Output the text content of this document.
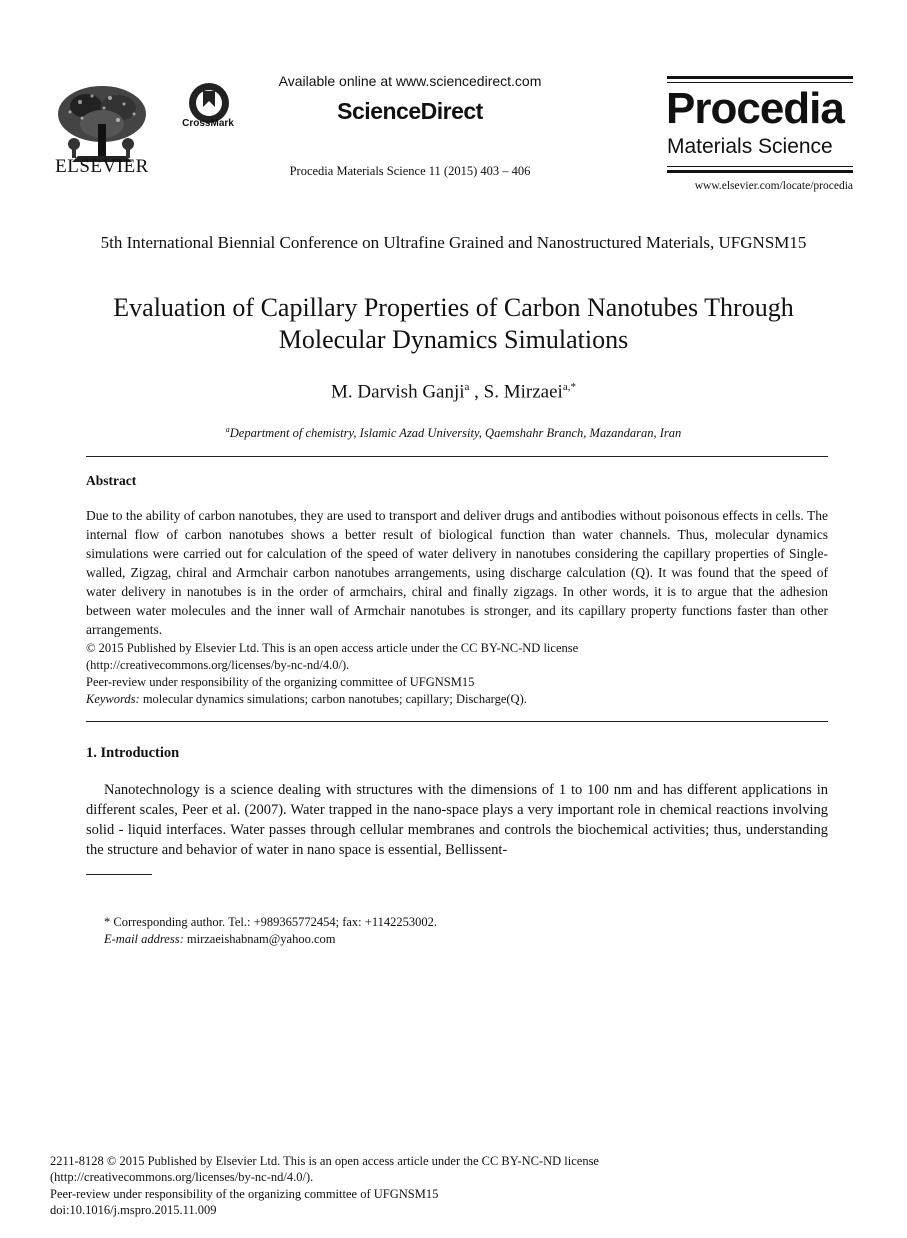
ELSEVIER
CrossMark
Available online at www.sciencedirect.com
ScienceDirect
Procedia Materials Science 11 (2015) 403 – 406
Procedia
Materials Science
www.elsevier.com/locate/procedia
5th International Biennial Conference on Ultrafine Grained and Nanostructured Materials, UFGNSM15
Evaluation of Capillary Properties of Carbon Nanotubes Through
Molecular Dynamics Simulations
M. Darvish Ganji$^a$ , S. Mirzaei$^{a,*}$
$^a$Department of chemistry, Islamic Azad University, Qaemshahr Branch, Mazandaran, Iran
Abstract
Due to the ability of carbon nanotubes, they are used to transport and deliver drugs and antibodies without poisonous effects in cells. The internal flow of carbon nanotubes shows a better result of biological function than water channels. Thus, molecular dynamics simulations were carried out for calculation of the speed of water delivery in nanotubes considering the capillary properties of Single-walled, Zigzag, chiral and Armchair carbon nanotubes arrangements, using discharge calculation (Q). It was found that the speed of water delivery in nanotubes is in the order of armchairs, chiral and finally zigzags. In other words, it is to argue that the adhesion between water molecules and the inner wall of Armchair nanotubes is stronger, and its capillary property functions faster than other arrangements.
© 2015 Published by Elsevier Ltd. This is an open access article under the CC BY-NC-ND license
(http://creativecommons.org/licenses/by-nc-nd/4.0/).
Peer-review under responsibility of the organizing committee of UFGNSM15
Keywords: molecular dynamics simulations; carbon nanotubes; capillary; Discharge(Q).
1. Introduction
Nanotechnology is a science dealing with structures with the dimensions of 1 to 100 nm and has different applications in different scales, Peer et al. (2007). Water trapped in the nano-space plays a very important role in chemical reactions involving solid - liquid interfaces. Water passes through cellular membranes and controls the biochemical activities; thus, understanding the structure and behavior of water in nano space is essential, Bellissent-
* Corresponding author. Tel.: +989365772454; fax: +1142253002.
E-mail address: mirzaeishabnam@yahoo.com
2211-8128 © 2015 Published by Elsevier Ltd. This is an open access article under the CC BY-NC-ND license
(http://creativecommons.org/licenses/by-nc-nd/4.0/).
Peer-review under responsibility of the organizing committee of UFGNSM15
doi:10.1016/j.mspro.2015.11.009
